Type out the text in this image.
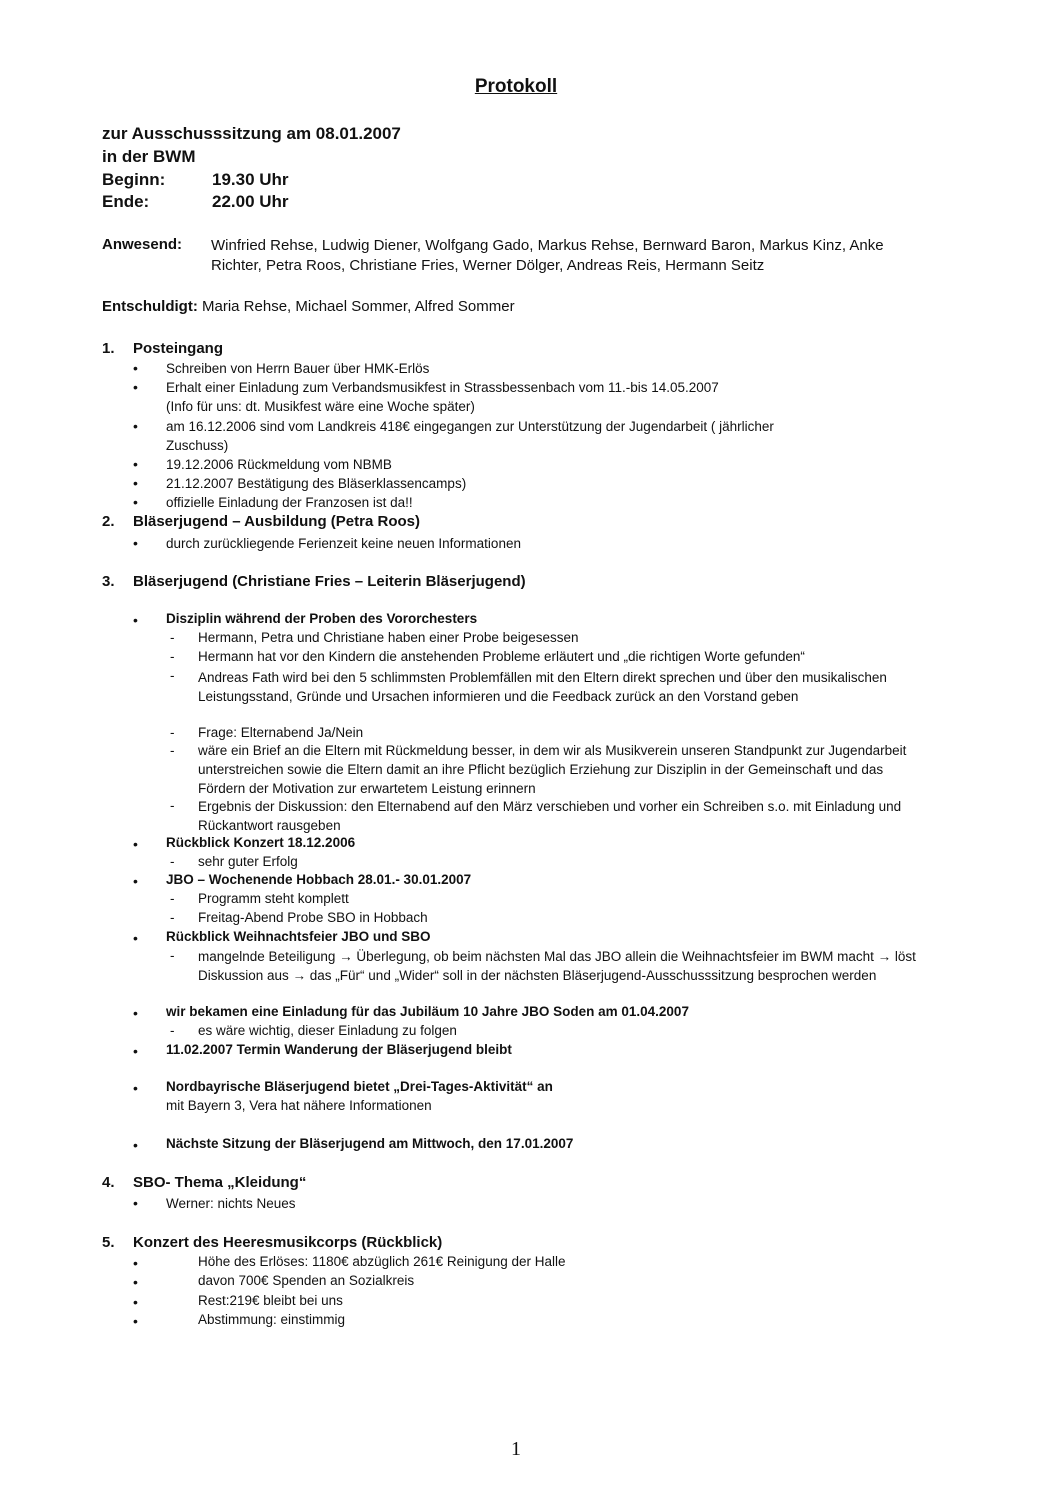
Protokoll
zur Ausschusssitzung am 08.01.2007
in der BWM
Beginn:	19.30 Uhr
Ende:	22.00 Uhr
Anwesend: Winfried Rehse, Ludwig Diener, Wolfgang Gado, Markus Rehse, Bernward Baron, Markus Kinz, Anke Richter, Petra Roos, Christiane Fries, Werner Dölger, Andreas Reis, Hermann Seitz
Entschuldigt: Maria Rehse, Michael Sommer, Alfred Sommer
1. Posteingang
• Schreiben von Herrn Bauer über HMK-Erlös
• Erhalt einer Einladung zum Verbandsmusikfest in Strassbessenbach vom 11.-bis 14.05.2007
(Info für uns: dt. Musikfest wäre eine Woche später)
• am 16.12.2006 sind vom Landkreis 418€ eingegangen zur Unterstützung der Jugendarbeit ( jährlicher
Zuschuss)
• 19.12.2006 Rückmeldung vom NBMB
• 21.12.2007 Bestätigung des Bläserklassencamps)
• offizielle Einladung der Franzosen ist da!!
2. Bläserjugend – Ausbildung (Petra Roos)
• durch zurückliegende Ferienzeit keine neuen Informationen
3. Bläserjugend (Christiane Fries – Leiterin Bläserjugend)
• Disziplin während der Proben des Vororchesters
- Hermann, Petra und Christiane haben einer Probe beigesessen
- Hermann hat vor den Kindern die anstehenden Probleme erläutert und „die richtigen Worte gefunden“
- Andreas Fath wird bei den 5 schlimmsten Problemfällen mit den Eltern direkt sprechen und über den musikalischen Leistungsstand, Gründe und Ursachen informieren und die Feedback zurück an den Vorstand geben
- Frage: Elternabend Ja/Nein
- wäre ein Brief an die Eltern mit Rückmeldung besser, in dem wir als Musikverein unseren Standpunkt zur Jugendarbeit unterstreichen sowie die Eltern damit an ihre Pflicht bezüglich Erziehung zur Disziplin in der Gemeinschaft und das Fördern der Motivation zur erwartetem Leistung erinnern
- Ergebnis der Diskussion: den Elternabend auf den März verschieben und vorher ein Schreiben s.o. mit Einladung und Rückantwort rausgeben
• Rückblick Konzert 18.12.2006
- sehr guter Erfolg
• JBO – Wochenende Hobbach 28.01.- 30.01.2007
- Programm steht komplett
- Freitag-Abend Probe SBO in Hobbach
• Rückblick Weihnachtsfeier JBO und SBO
- mangelnde Beteiligung → Überlegung, ob beim nächsten Mal das JBO allein die Weihnachtsfeier im BWM macht → löst Diskussion aus → das „Für“ und „Wider“ soll in der nächsten Bläserjugend-Ausschusssitzung besprochen werden
• wir bekamen eine Einladung für das Jubiläum 10 Jahre JBO Soden am 01.04.2007
- es wäre wichtig, dieser Einladung zu folgen
• 11.02.2007 Termin Wanderung der Bläserjugend bleibt
• Nordbayrische Bläserjugend bietet „Drei-Tages-Aktivität“ an
mit Bayern 3, Vera hat nähere Informationen
• Nächste Sitzung der Bläserjugend am Mittwoch, den 17.01.2007
4. SBO- Thema „Kleidung“
• Werner: nichts Neues
5. Konzert des Heeresmusikcorps (Rückblick)
•	Höhe des Erlöses: 1180€ abzüglich 261€ Reinigung der Halle
•	davon 700€ Spenden an Sozialkreis
•	Rest:219€ bleibt bei uns
•	Abstimmung: einstimmig
1
